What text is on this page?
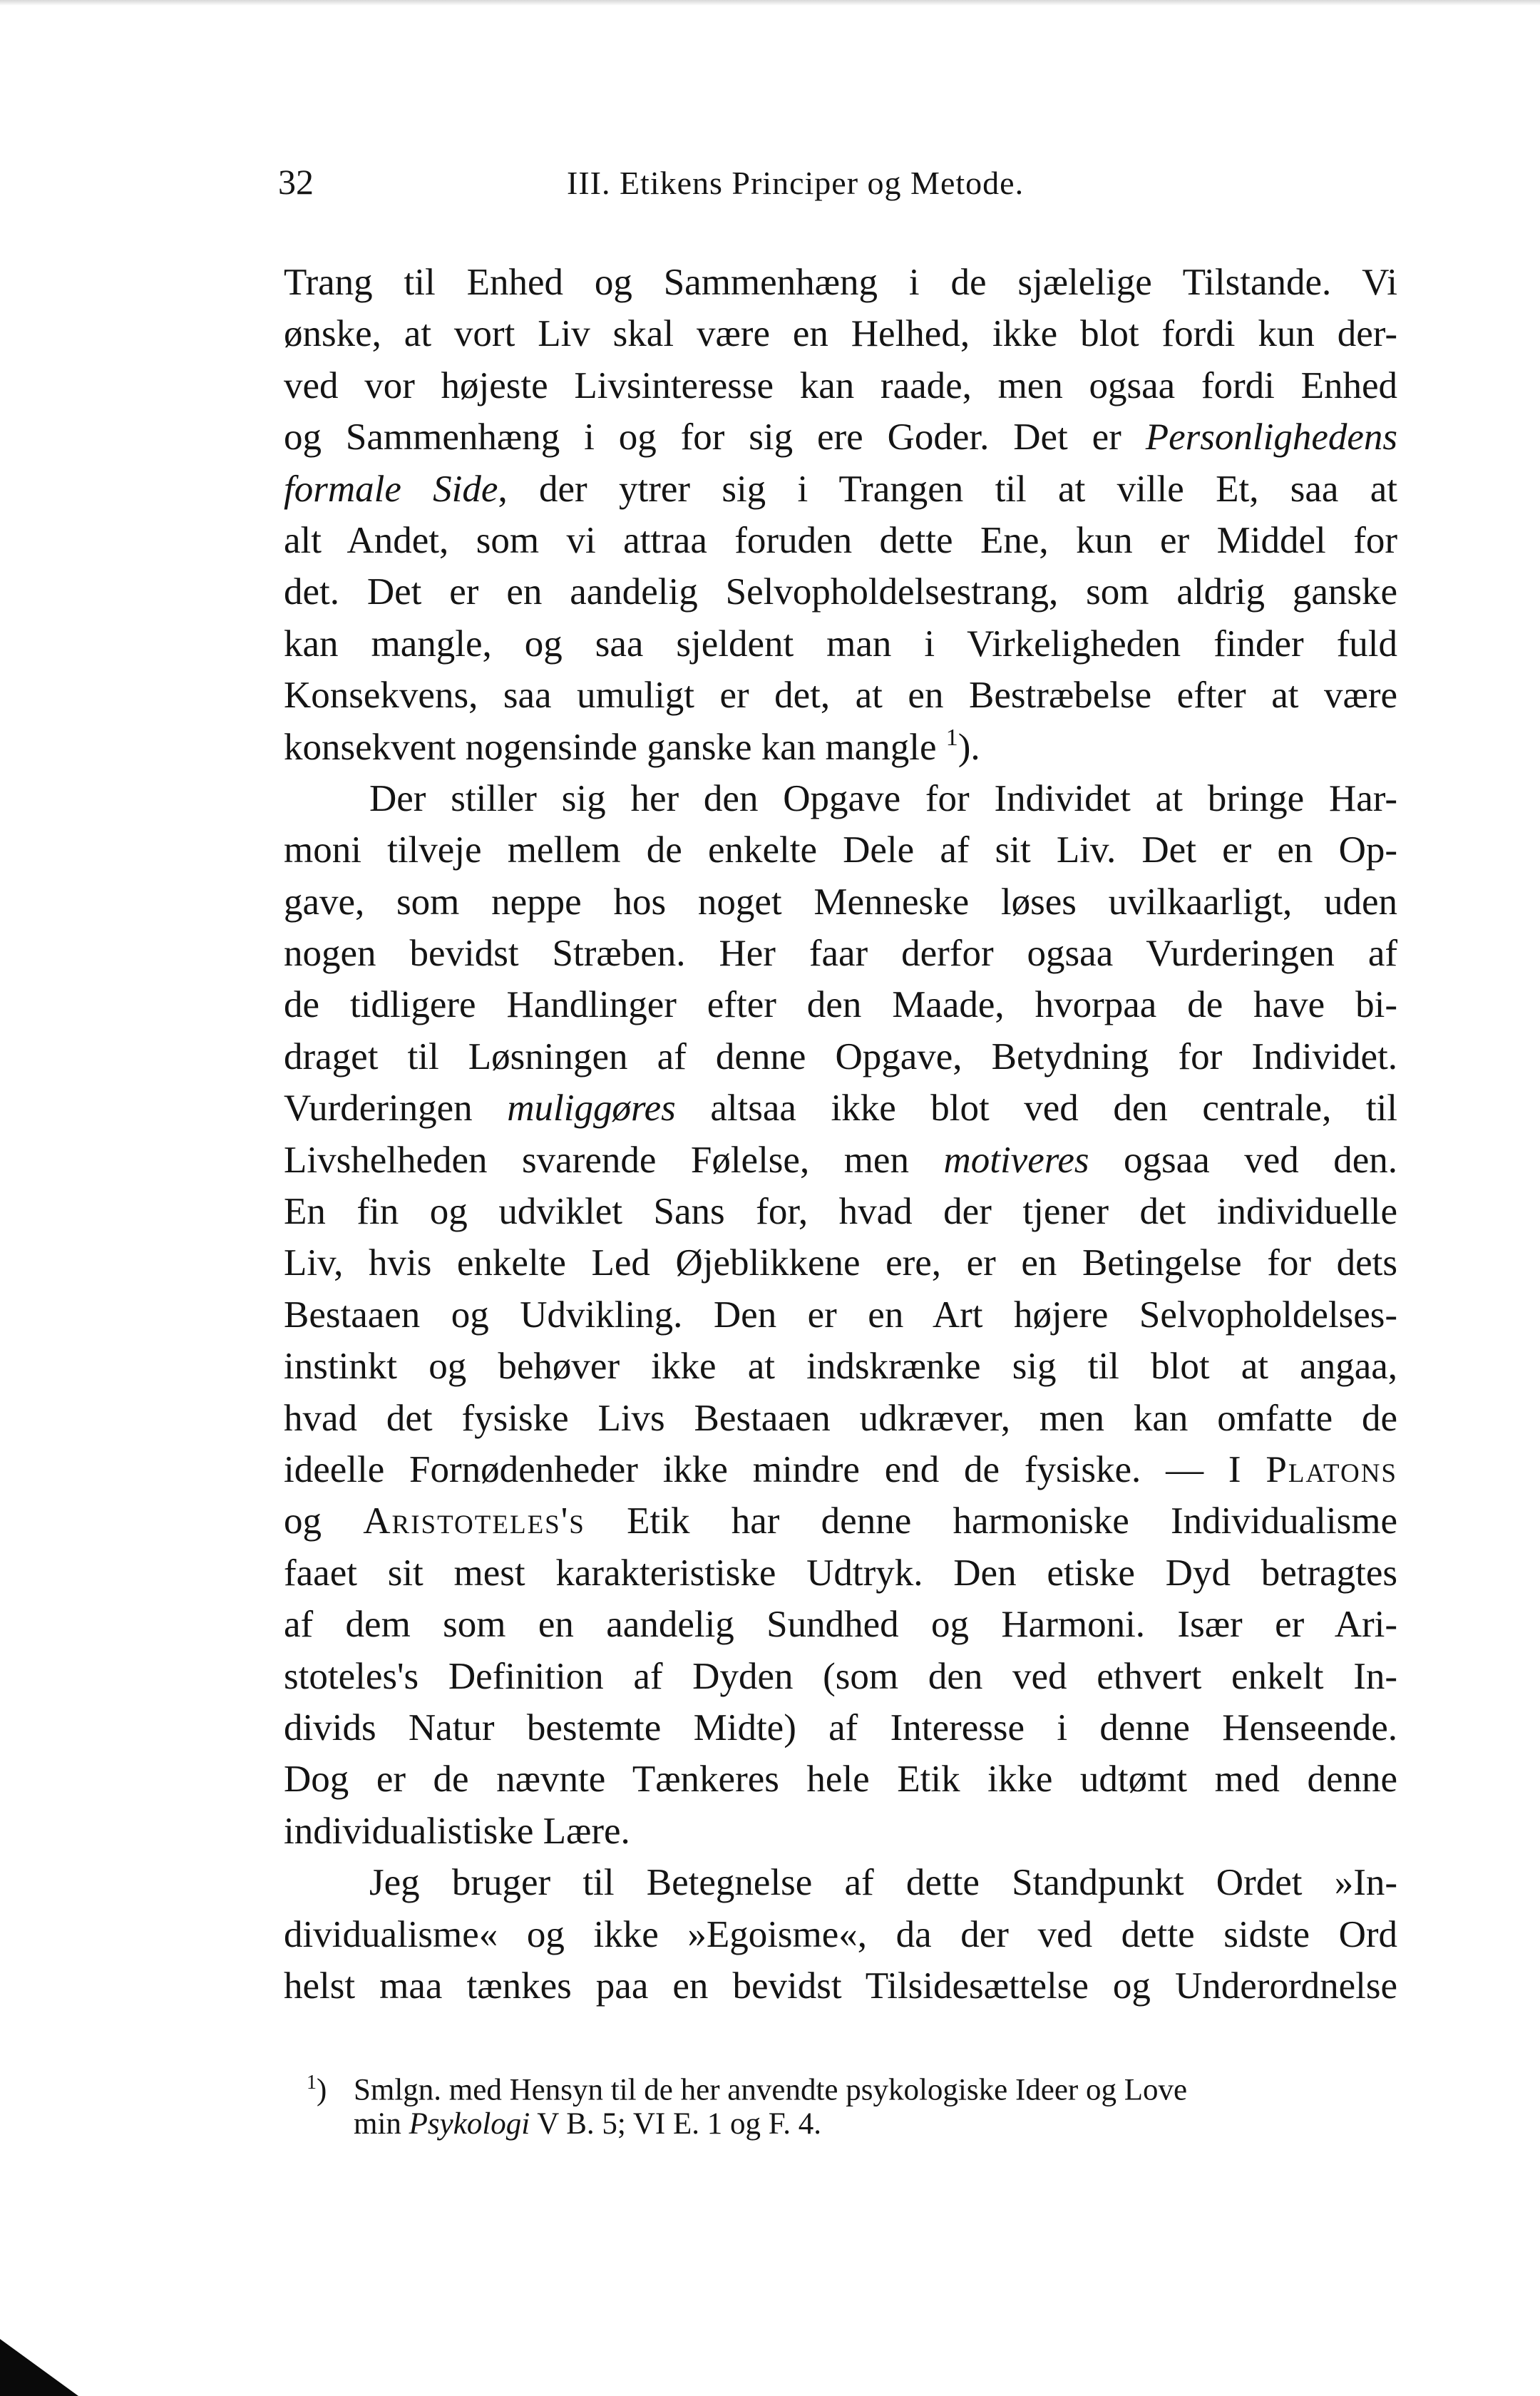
32	III. Etikens Principer og Metode.
Trang til Enhed og Sammenhæng i de sjælelige Tilstande. Vi
ønske, at vort Liv skal være en Helhed, ikke blot fordi kun der-
ved vor højeste Livsinteresse kan raade, men ogsaa fordi Enhed
og Sammenhæng i og for sig ere Goder. Det er Personlighedens
formale Side, der ytrer sig i Trangen til at ville Et, saa at
alt Andet, som vi attraa foruden dette Ene, kun er Middel for
det. Det er en aandelig Selvopholdelsestrang, som aldrig ganske
kan mangle, og saa sjeldent man i Virkeligheden finder fuld
Konsekvens, saa umuligt er det, at en Bestræbelse efter at være
konsekvent nogensinde ganske kan mangle $^1$).
Der stiller sig her den Opgave for Individet at bringe Har-
moni tilveje mellem de enkelte Dele af sit Liv. Det er en Op-
gave, som neppe hos noget Menneske løses uvilkaarligt, uden
nogen bevidst Stræben. Her faar derfor ogsaa Vurderingen af
de tidligere Handlinger efter den Maade, hvorpaa de have bi-
draget til Løsningen af denne Opgave, Betydning for Individet.
Vurderingen muliggøres altsaa ikke blot ved den centrale, til
Livshelheden svarende Følelse, men motiveres ogsaa ved den.
En fin og udviklet Sans for, hvad der tjener det individuelle
Liv, hvis enkelte Led Øjeblikkene ere, er en Betingelse for dets
Bestaaen og Udvikling. Den er en Art højere Selvopholdelses-
instinkt og behøver ikke at indskrænke sig til blot at angaa,
hvad det fysiske Livs Bestaaen udkræver, men kan omfatte de
ideelle Fornødenheder ikke mindre end de fysiske. — I Platons
og Aristoteles's Etik har denne harmoniske Individualisme
faaet sit mest karakteristiske Udtryk. Den etiske Dyd betragtes
af dem som en aandelig Sundhed og Harmoni. Især er Ari-
stoteles's Definition af Dyden (som den ved ethvert enkelt In-
divids Natur bestemte Midte) af Interesse i denne Henseende.
Dog er de nævnte Tænkeres hele Etik ikke udtømt med denne
individualistiske Lære.
Jeg bruger til Betegnelse af dette Standpunkt Ordet »In-
dividualisme« og ikke »Egoisme«, da der ved dette sidste Ord
helst maa tænkes paa en bevidst Tilsidesættelse og Underordnelse
$^1$) Smlgn. med Hensyn til de her anvendte psykologiske Ideer og Love
min Psykologi V B. 5; VI E. 1 og F. 4.
